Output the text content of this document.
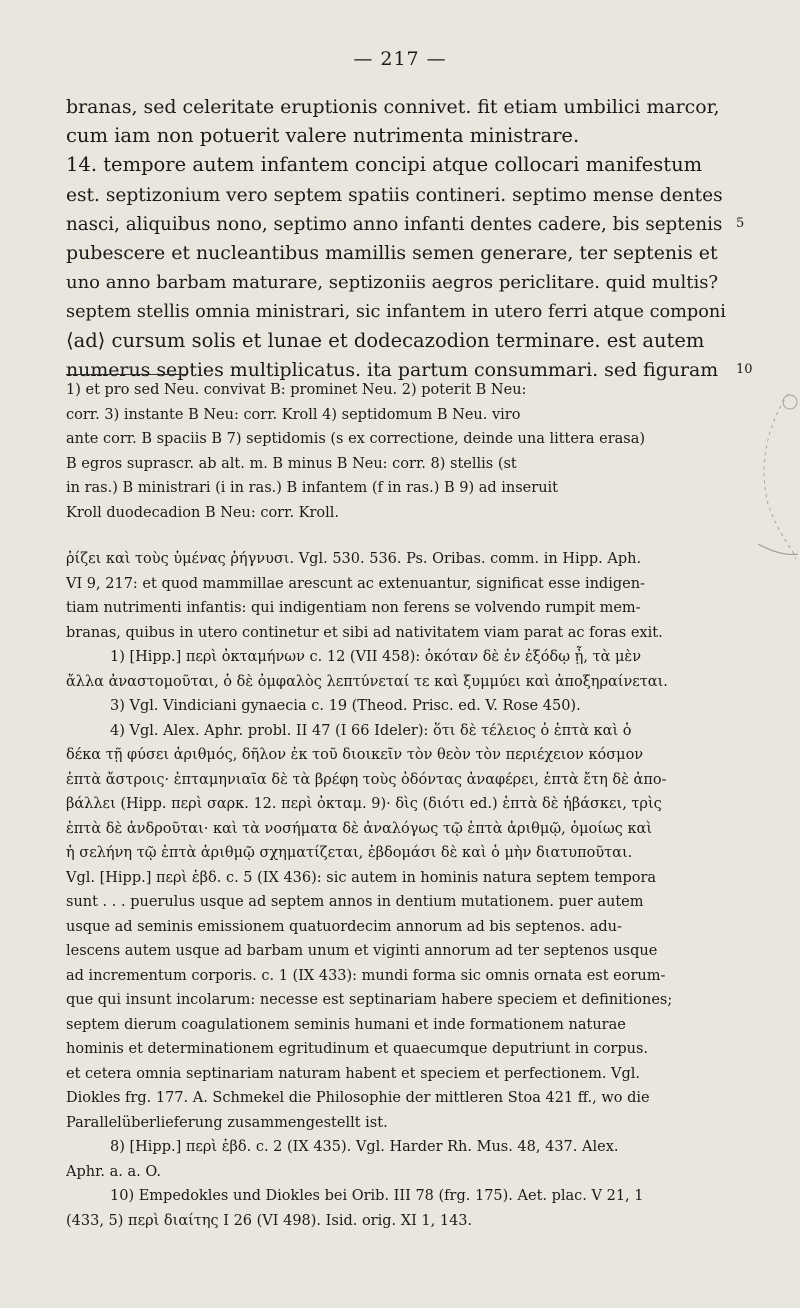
— 217 —
branas, sed celeritate eruptionis connivet. fit etiam umbilici marcor,
cum iam non potuerit valere nutrimenta ministrare.
14. tempore autem infantem concipi atque collocari manifestum
est. septizonium vero septem spatiis contineri. septimo mense dentes
nasci, aliquibus nono, septimo anno infanti dentes cadere, bis septenis 5
pubescere et nucleantibus mamillis semen generare, ter septenis et
uno anno barbam maturare, septizoniis aegros periclitare. quid multis?
septem stellis omnia ministrari, sic infantem in utero ferri atque componi
⟨ad⟩ cursum solis et lunae et dodecazodion terminare. est autem
numerus septies multiplicatus. ita partum consummari. sed figuram 10
1) et pro sed Neu. convivat B: prominet Neu. 2) poterit B Neu:
corr. 3) instante B Neu: corr. Kroll 4) septidomum B Neu. viro
ante corr. B spaciis B 7) septidomis (s ex correctione, deinde una littera erasa)
B egros suprascr. ab alt. m. B minus B Neu: corr. 8) stellis (st
in ras.) B ministrari (i in ras.) B infantem (f in ras.) B 9) ad inseruit
Kroll duodecadion B Neu: corr. Kroll.
ῥίζει καὶ τοὺς ὑμένας ῥήγνυσι. Vgl. 530. 536. Ps. Oribas. comm. in Hipp. Aph.
VI 9, 217: et quod mammillae arescunt ac extenuantur, significat esse indigen-
tiam nutrimenti infantis: qui indigentiam non ferens se volvendo rumpit mem-
branas, quibus in utero continetur et sibi ad nativitatem viam parat ac foras exit.
1) [Hipp.] περὶ ὀκταμήνων c. 12 (VII 458): ὁκόταν δὲ ἐν ἐξόδῳ ᾖ, τὰ μὲν
ἄλλα ἀναστομοῦται, ὁ δὲ ὀμφαλὸς λεπτύνεταί τε καὶ ξυμμύει καὶ ἀποξηραίνεται.
3) Vgl. Vindiciani gynaecia c. 19 (Theod. Prisc. ed. V. Rose 450).
4) Vgl. Alex. Aphr. probl. II 47 (I 66 Ideler): ὅτι δὲ τέλειος ὁ ἑπτὰ καὶ ὁ
δέκα τῇ φύσει ἀριθμός, δῆλον ἐκ τοῦ διοικεῖν τὸν θεὸν τὸν περιέχειον κόσμον
ἑπτὰ ἄστροις· ἑπταμηνιαῖα δὲ τὰ βρέφη τοὺς ὀδόντας ἀναφέρει, ἑπτὰ ἔτη δὲ ἀπο-
βάλλει (Hipp. περὶ σαρκ. 12. περὶ ὀκταμ. 9)· δὶς (διότι ed.) ἑπτὰ δὲ ἡβάσκει, τρὶς
ἑπτὰ δὲ ἀνδροῦται· καὶ τὰ νοσήματα δὲ ἀναλόγως τῷ ἑπτὰ ἀριθμῷ, ὁμοίως καὶ
ἡ σελήνη τῷ ἑπτὰ ἀριθμῷ σχηματίζεται, ἑβδομάσι δὲ καὶ ὁ μὴν διατυποῦται.
Vgl. [Hipp.] περὶ ἑβδ. c. 5 (IX 436): sic autem in hominis natura septem tempora
sunt . . . puerulus usque ad septem annos in dentium mutationem. puer autem
usque ad seminis emissionem quatuordecim annorum ad bis septenos. adu-
lescens autem usque ad barbam unum et viginti annorum ad ter septenos usque
ad incrementum corporis. c. 1 (IX 433): mundi forma sic omnis ornata est eorum-
que qui insunt incolarum: necesse est septinariam habere speciem et definitiones;
septem dierum coagulationem seminis humani et inde formationem naturae
hominis et determinationem egritudinum et quaecumque deputriunt in corpus.
et cetera omnia septinariam naturam habent et speciem et perfectionem. Vgl.
Diokles frg. 177. A. Schmekel die Philosophie der mittleren Stoa 421 ff., wo die
Parallelüberlieferung zusammengestellt ist.
8) [Hipp.] περὶ ἑβδ. c. 2 (IX 435). Vgl. Harder Rh. Mus. 48, 437. Alex.
Aphr. a. a. O.
10) Empedokles und Diokles bei Orib. III 78 (frg. 175). Aet. plac. V 21, 1
(433, 5) περὶ διαίτης I 26 (VI 498). Isid. orig. XI 1, 143.
